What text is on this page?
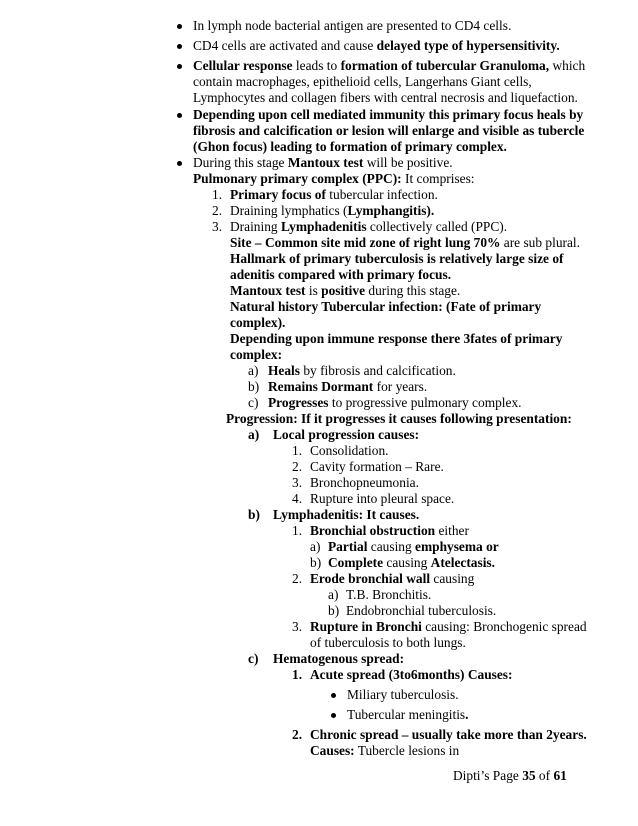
In lymph node bacterial antigen are presented to CD4 cells.
CD4 cells are activated and cause delayed type of hypersensitivity.
Cellular response leads to formation of tubercular Granuloma, which
contain macrophages, epithelioid cells, Langerhans Giant cells,
Lymphocytes and collagen fibers with central necrosis and liquefaction.
Depending upon cell mediated immunity this primary focus heals by
fibrosis and calcification or lesion will enlarge and visible as tubercle
(Ghon focus) leading to formation of primary complex.
During this stage Mantoux test will be positive.
Pulmonary primary complex (PPC): It comprises:
1. Primary focus of tubercular infection.
2. Draining lymphatics (Lymphangitis).
3. Draining Lymphadenitis collectively called (PPC).
Site – Common site mid zone of right lung 70% are sub plural.
Hallmark of primary tuberculosis is relatively large size of
adenitis compared with primary focus.
Mantoux test is positive during this stage.
Natural history Tubercular infection: (Fate of primary
complex).
Depending upon immune response there 3fates of primary
complex:
a) Heals by fibrosis and calcification.
b) Remains Dormant for years.
c) Progresses to progressive pulmonary complex.
Progression: If it progresses it causes following presentation:
a) Local progression causes:
1. Consolidation.
2. Cavity formation – Rare.
3. Bronchopneumonia.
4. Rupture into pleural space.
b) Lymphadenitis: It causes.
1. Bronchial obstruction either
a) Partial causing emphysema or
b) Complete causing Atelectasis.
2. Erode bronchial wall causing
a) T.B. Bronchitis.
b) Endobronchial tuberculosis.
3. Rupture in Bronchi causing: Bronchogenic spread
of tuberculosis to both lungs.
c) Hematogenous spread:
1. Acute spread (3to6months) Causes:
Miliary tuberculosis.
Tubercular meningitis.
2. Chronic spread – usually take more than 2years.
Causes: Tubercle lesions in
Dipti’s Page 35 of 61
